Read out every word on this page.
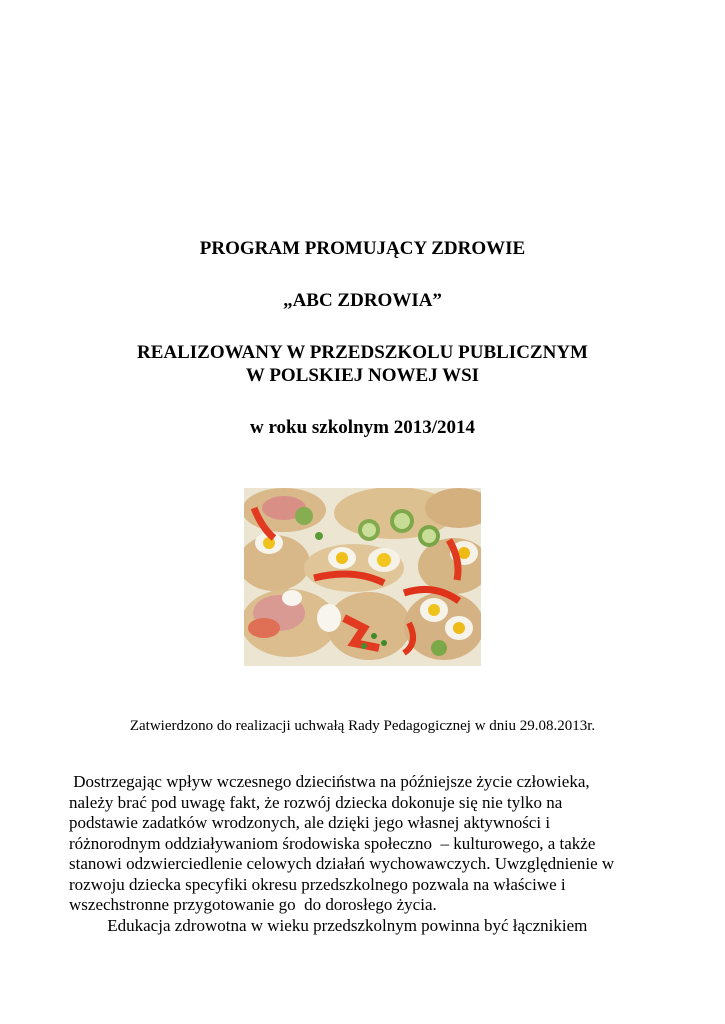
PROGRAM PROMUJĄCY ZDROWIE
„ABC ZDROWIA”
REALIZOWANY W PRZEDSZKOLU PUBLICZNYM
W POLSKIEJ NOWEJ WSI
w roku szkolnym 2013/2014
Zatwierdzono do realizacji uchwałą Rady Pedagogicznej w dniu 29.08.2013r.
Dostrzegając wpływ wczesnego dzieciństwa na późniejsze życie człowieka,
należy brać pod uwagę fakt, że rozwój dziecka dokonuje się nie tylko na
podstawie zadatków wrodzonych, ale dzięki jego własnej aktywności i
różnorodnym oddziaływaniom środowiska społeczno  – kulturowego, a także
stanowi odzwierciedlenie celowych działań wychowawczych. Uwzględnienie w
rozwoju dziecka specyfiki okresu przedszkolnego pozwala na właściwe i
wszechstronne przygotowanie go  do dorosłego życia.
Edukacja zdrowotna w wieku przedszkolnym powinna być łącznikiem
